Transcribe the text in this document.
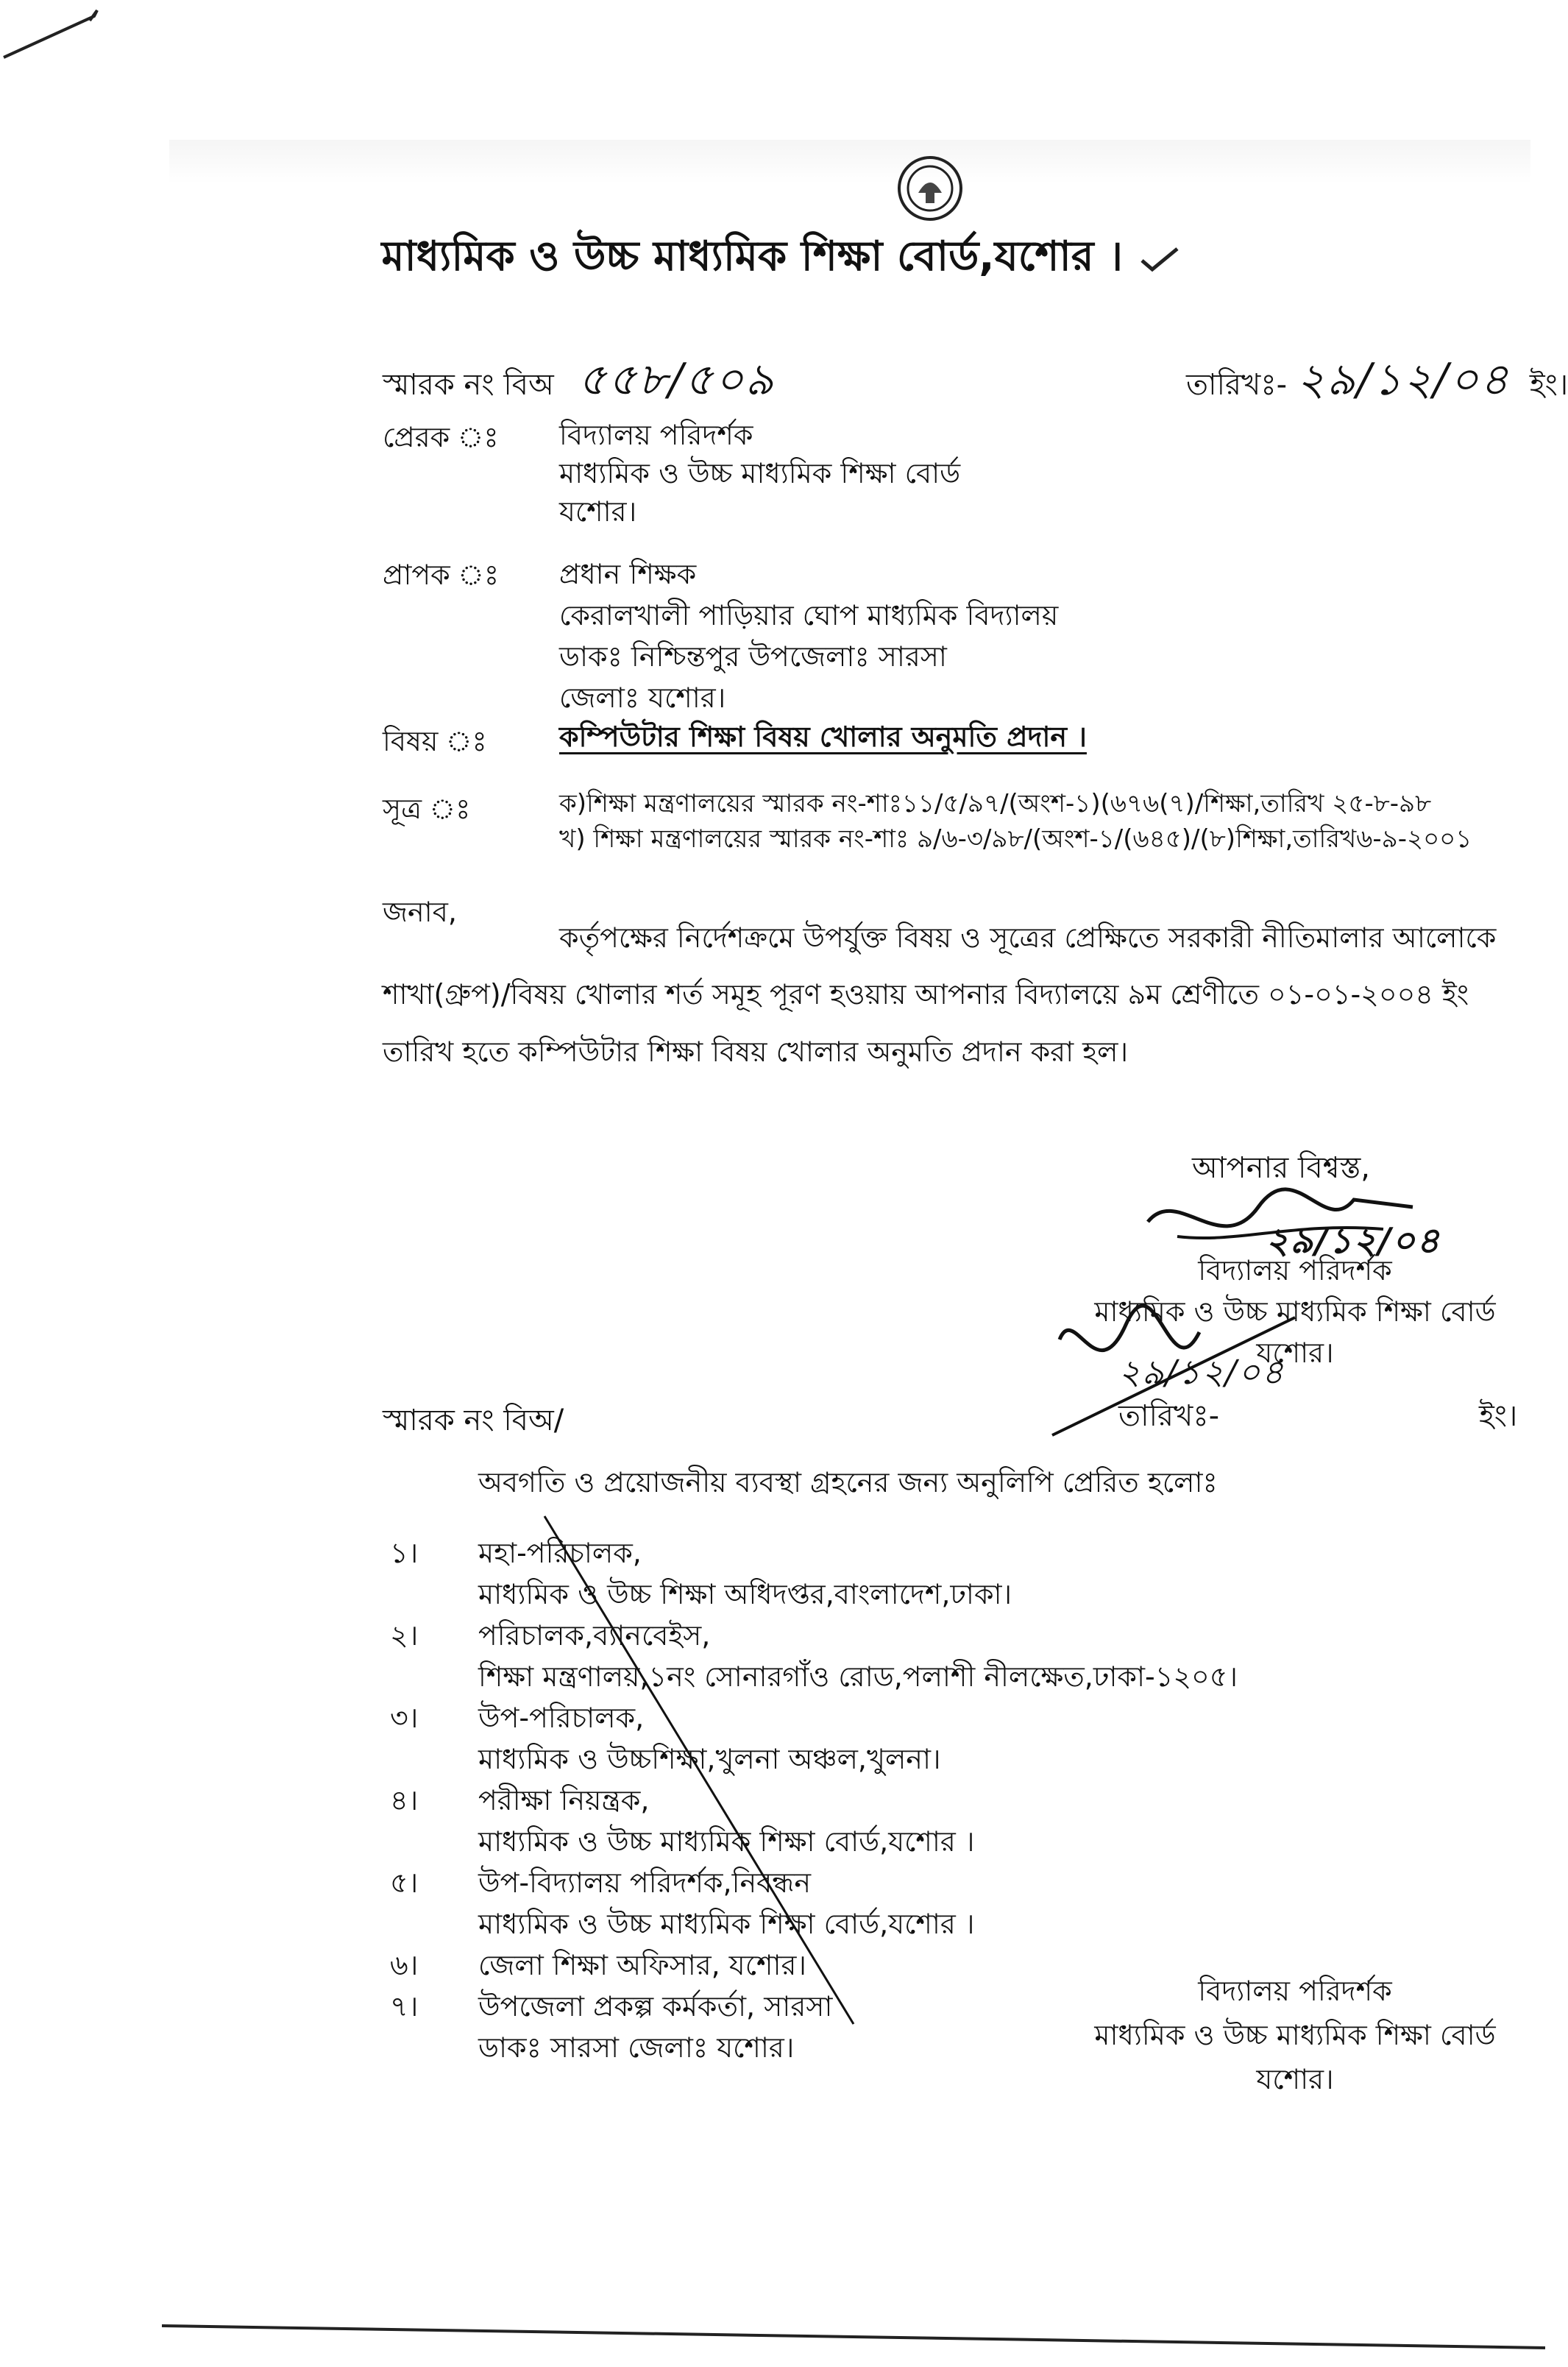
মাধ্যমিক ও উচ্চ মাধ্যমিক শিক্ষা বোর্ড,যশোর ।
স্মারক নং বিঅ ৫৫৮/৫০৯	তারিখঃ- ২৯/১২/০৪ ইং।
প্রেরক ঃ বিদ্যালয় পরিদর্শক
মাধ্যমিক ও উচ্চ মাধ্যমিক শিক্ষা বোর্ড
যশোর।
প্রাপক ঃ প্রধান শিক্ষক
কেরালখালী পাড়িয়ার ঘোপ মাধ্যমিক বিদ্যালয়
ডাকঃ নিশ্চিন্তপুর উপজেলাঃ সারসা
জেলাঃ যশোর।
বিষয় ঃ	কম্পিউটার শিক্ষা বিষয় খোলার অনুমতি প্রদান ।
সূত্র ঃ	ক)শিক্ষা মন্ত্রণালয়ের স্মারক নং-শাঃ১১/৫/৯৭/(অংশ-১)(৬৭৬(৭)/শিক্ষা,তারিখ ২৫-৮-৯৮
খ) শিক্ষা মন্ত্রণালয়ের স্মারক নং-শাঃ ৯/৬-৩/৯৮/(অংশ-১/(৬৪৫)/(৮)শিক্ষা,তারিখ৬-৯-২০০১
জনাব,
কর্তৃপক্ষের নির্দেশক্রমে উপর্যুক্ত বিষয় ও সূত্রের প্রেক্ষিতে সরকারী নীতিমালার আলোকে
শাখা(গ্রুপ)/বিষয় খোলার শর্ত সমূহ পূরণ হওয়ায় আপনার বিদ্যালয়ে ৯ম শ্রেণীতে ০১-০১-২০০৪ ইং
তারিখ হতে কম্পিউটার শিক্ষা বিষয় খোলার অনুমতি প্রদান করা হল।
আপনার বিশ্বস্ত,
২৯/১২/০৪
বিদ্যালয় পরিদর্শক
মাধ্যমিক ও উচ্চ মাধ্যমিক শিক্ষা বোর্ড
যশোর।
স্মারক নং বিঅ/
২৯/১২/০৪
তারিখঃ-	ইং।
অবগতি ও প্রয়োজনীয় ব্যবস্থা গ্রহনের জন্য অনুলিপি প্রেরিত হলোঃ
১। মহা-পরিচালক,
মাধ্যমিক ও উচ্চ শিক্ষা অধিদপ্তর,বাংলাদেশ,ঢাকা।
২। পরিচালক,ব্যানবেইস,
শিক্ষা মন্ত্রণালয়,১নং সোনারগাঁও রোড,পলাশী নীলক্ষেত,ঢাকা-১২০৫।
৩। উপ-পরিচালক,
মাধ্যমিক ও উচ্চশিক্ষা,খুলনা অঞ্চল,খুলনা।
৪। পরীক্ষা নিয়ন্ত্রক,
মাধ্যমিক ও উচ্চ মাধ্যমিক শিক্ষা বোর্ড,যশোর ।
৫। উপ-বিদ্যালয় পরিদর্শক,নিবন্ধন
মাধ্যমিক ও উচ্চ মাধ্যমিক শিক্ষা বোর্ড,যশোর ।
৬। জেলা শিক্ষা অফিসার, যশোর।
৭। উপজেলা প্রকল্প কর্মকর্তা, সারসা
ডাকঃ সারসা জেলাঃ যশোর।
বিদ্যালয় পরিদর্শক
মাধ্যমিক ও উচ্চ মাধ্যমিক শিক্ষা বোর্ড
যশোর।
